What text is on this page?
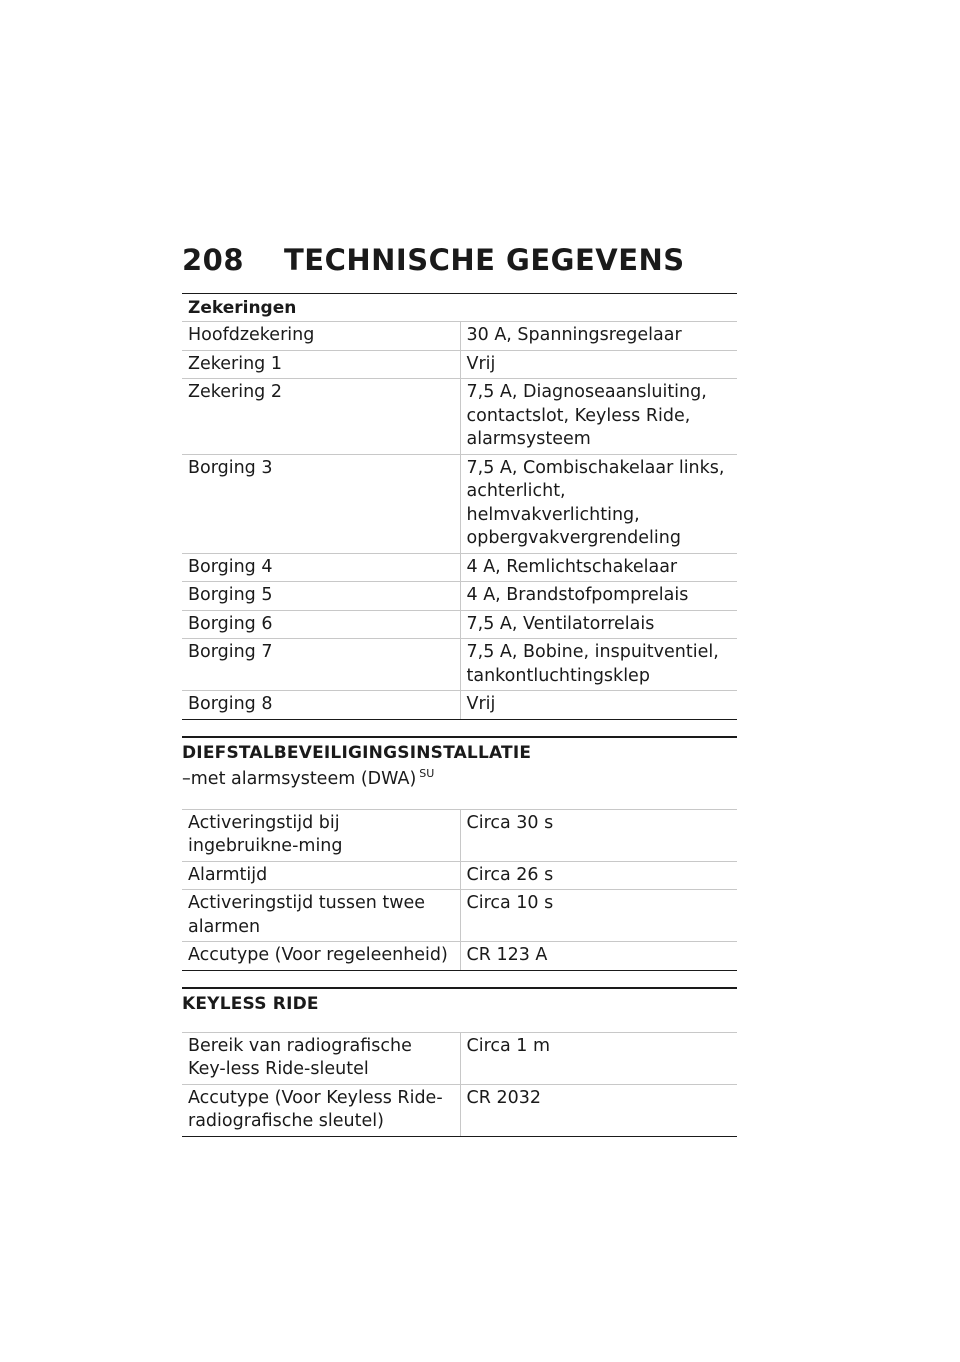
208 TECHNISCHE GEGEVENS
Zekeringen	
Hoofdzekering	30 A, Spanningsregelaar
Zekering 1	Vrij
Zekering 2	7,5 A, Diagnoseaansluiting, contactslot, Keyless Ride, alarmsysteem
Borging 3	7,5 A, Combischakelaar links, achterlicht, helmvakverlichting, opbergvakvergrendeling
Borging 4	4 A, Remlichtschakelaar
Borging 5	4 A, Brandstofpomprelais
Borging 6	7,5 A, Ventilatorrelais
Borging 7	7,5 A, Bobine, inspuitventiel, tankontluchtingsklep
Borging 8	Vrij
DIEFSTALBEVEILIGINGSINSTALLATIE
–met alarmsysteem (DWA) $^{SU}$
Activeringstijd bij ingebruikne-ming	Circa 30 s
Alarmtijd	Circa 26 s
Activeringstijd tussen twee alarmen	Circa 10 s
Accutype (Voor regeleenheid)	CR 123 A
KEYLESS RIDE
Bereik van radiografische Key-less Ride-sleutel	Circa 1 m
Accutype (Voor Keyless Ride-radiografische sleutel)	CR 2032
